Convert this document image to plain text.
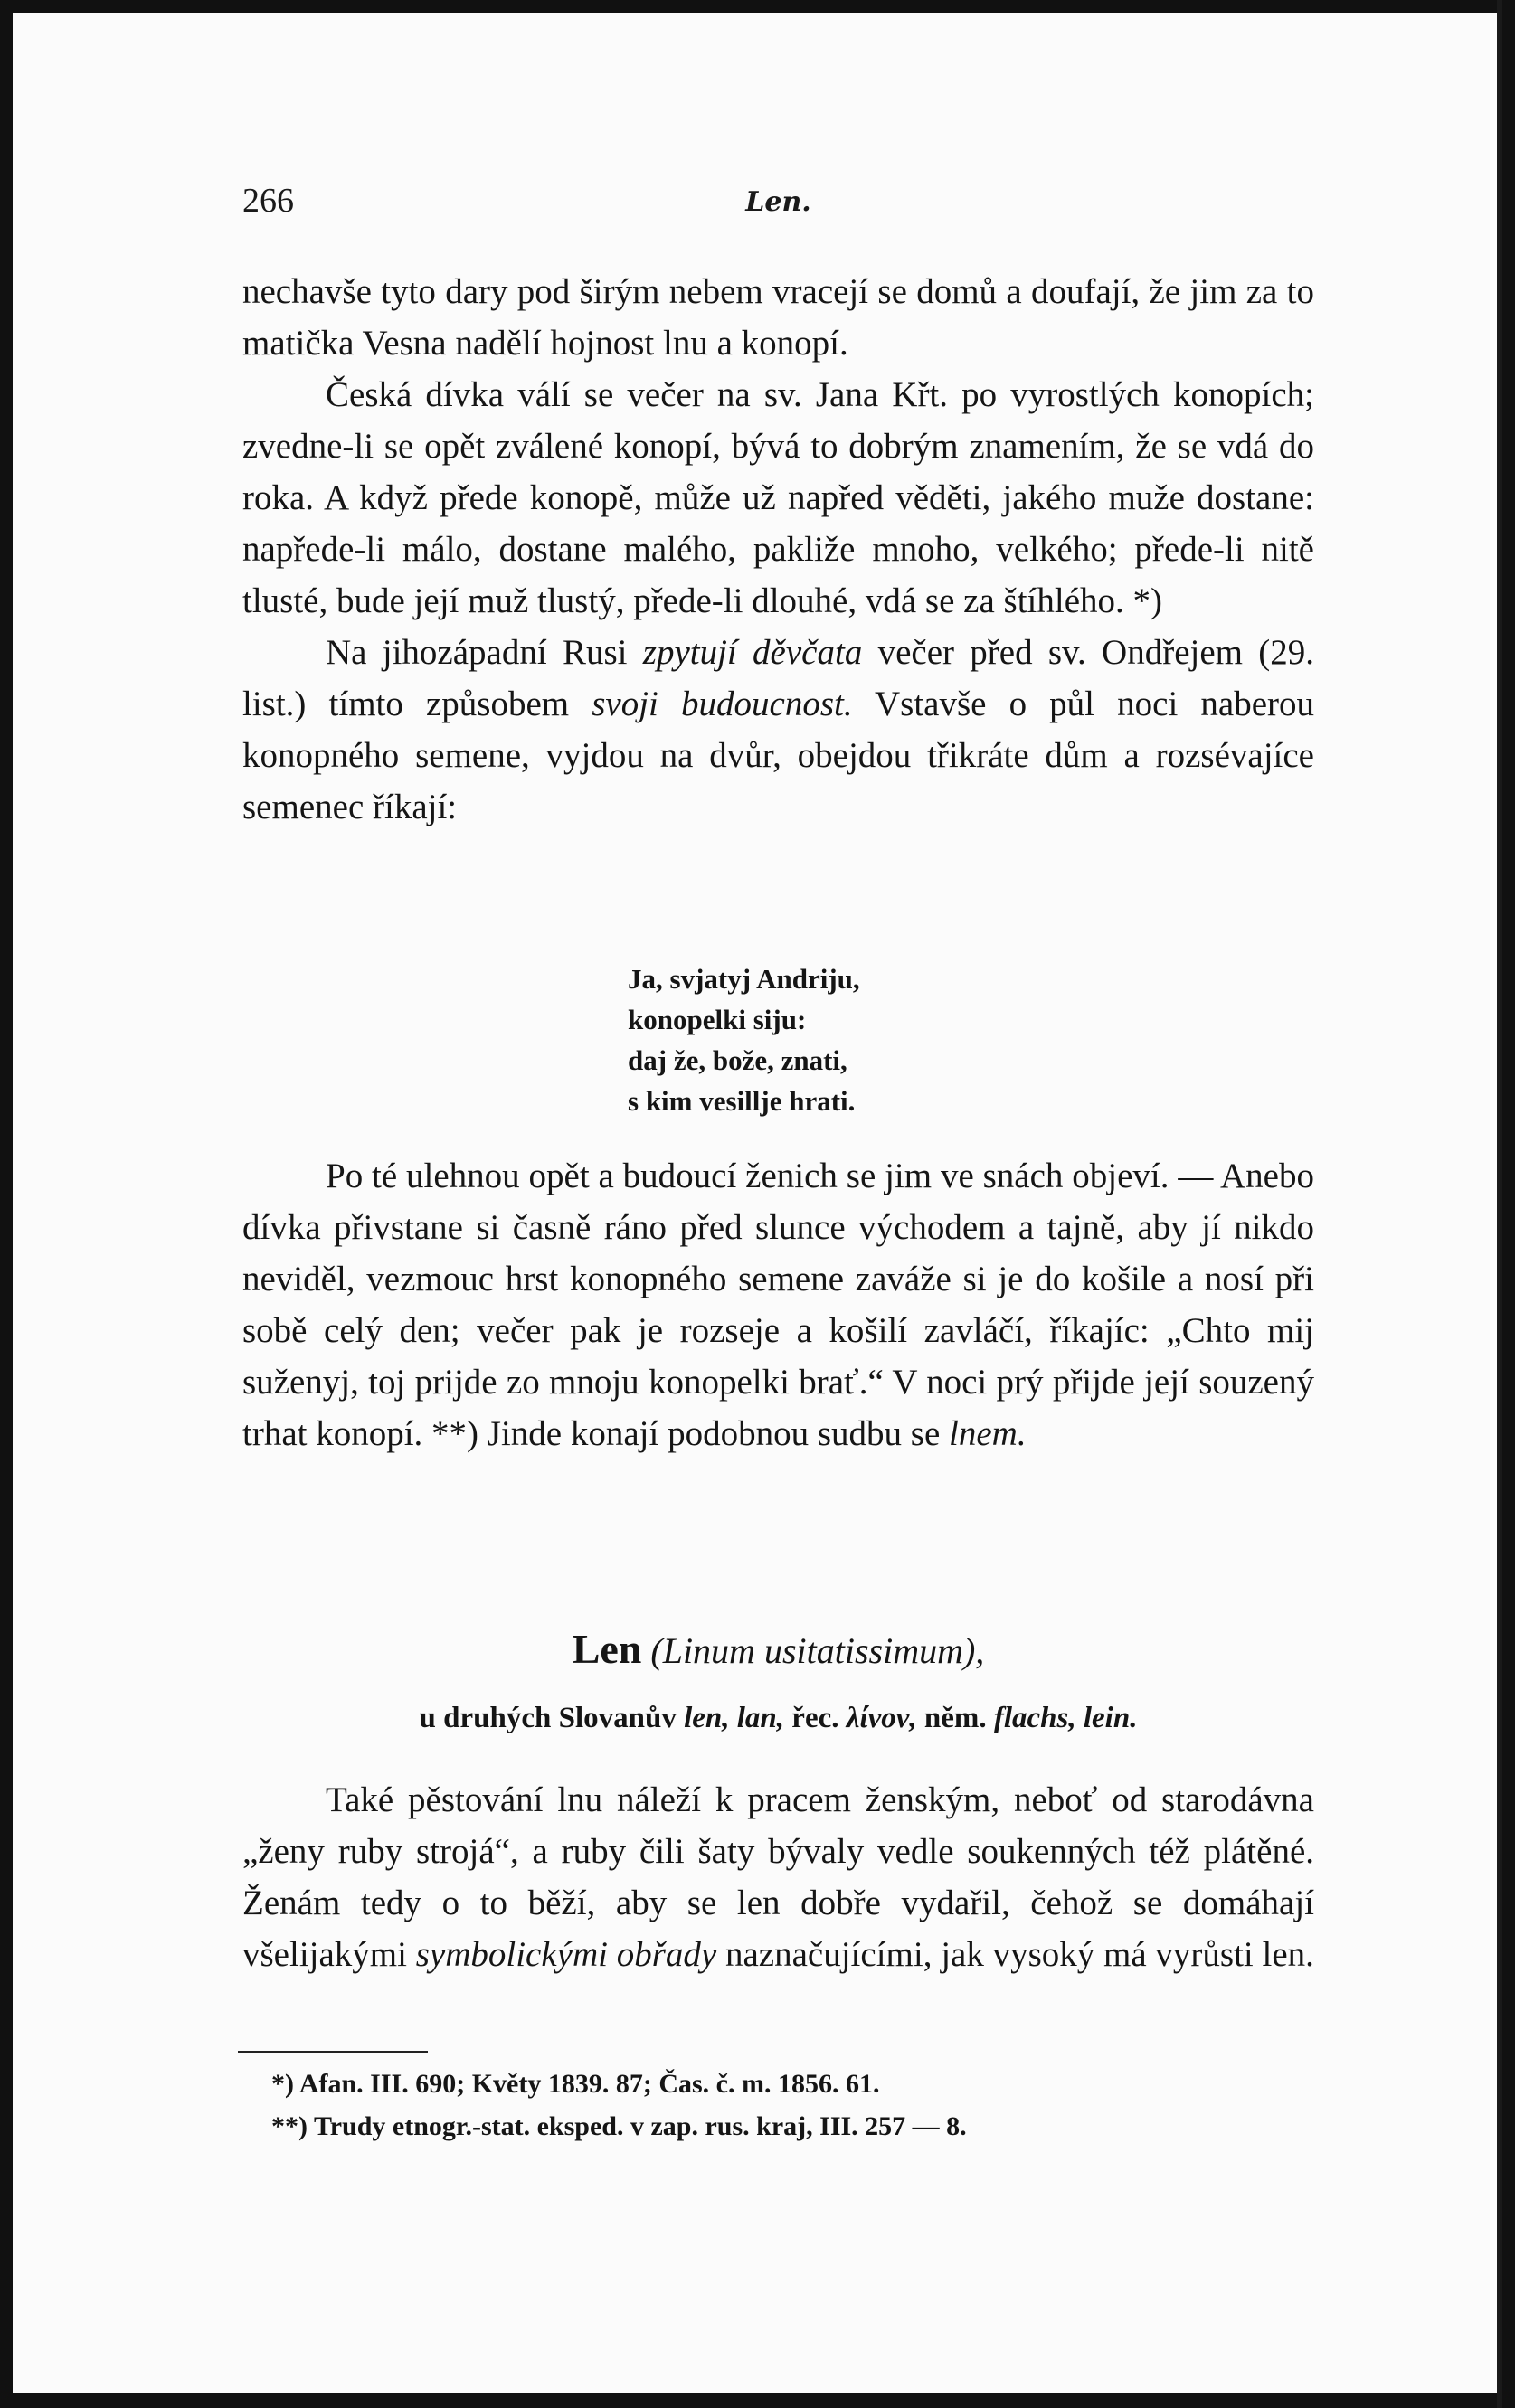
266	Len.

nechavše tyto dary pod širým nebem vracejí se domů a doufají, že jim za to matička Vesna nadělí hojnost lnu a konopí.

Česká dívka válí se večer na sv. Jana Křt. po vyrostlých konopích; zvedne-li se opět zválené konopí, bývá to dobrým znamením, že se vdá do roka. A když přede konopě, může už napřed věděti, jakého muže dostane: napřede-li málo, dostane malého, pakliže mnoho, velkého; přede-li nitě tlusté, bude její muž tlustý, přede-li dlouhé, vdá se za štíhlého. *)

Na jihozápadní Rusi zpytují děvčata večer před sv. Ondřejem (29. list.) tímto způsobem svoji budoucnost. Vstavše o půl noci naberou konopného semene, vyjdou na dvůr, obejdou třikráte dům a rozsévajíce semenec říkají:

Ja, svjatyj Andriju,
konopelki siju:
daj že, bože, znati,
s kim vesillje hrati.

Po té ulehnou opět a budoucí ženich se jim ve snách objeví. — Anebo dívka přivstane si časně ráno před slunce východem a tajně, aby jí nikdo neviděl, vezmouc hrst konopného semene zaváže si je do košile a nosí při sobě celý den; večer pak je rozseje a košilí zavláčí, říkajíc: „Chto mij suženyj, toj prijde zo mnoju konopelki brať.“ V noci prý přijde její souzený trhat konopí. **) Jinde konají podobnou sudbu se lnem.

Len (Linum usitatissimum),
u druhých Slovanův len, lan, řec. λίνον, něm. flachs, lein.

Také pěstování lnu náleží k pracem ženským, neboť od starodávna „ženy ruby strojá“, a ruby čili šaty bývaly vedle soukenných též plátěné. Ženám tedy o to běží, aby se len dobře vydařil, čehož se domáhají všelijakými symbolickými obřady naznačujícími, jak vysoký má vyrůsti len.

*) Afan. III. 690; Květy 1839. 87; Čas. č. m. 1856. 61.
**) Trudy etnogr.-stat. eksped. v zap. rus. kraj, III. 257 — 8.
